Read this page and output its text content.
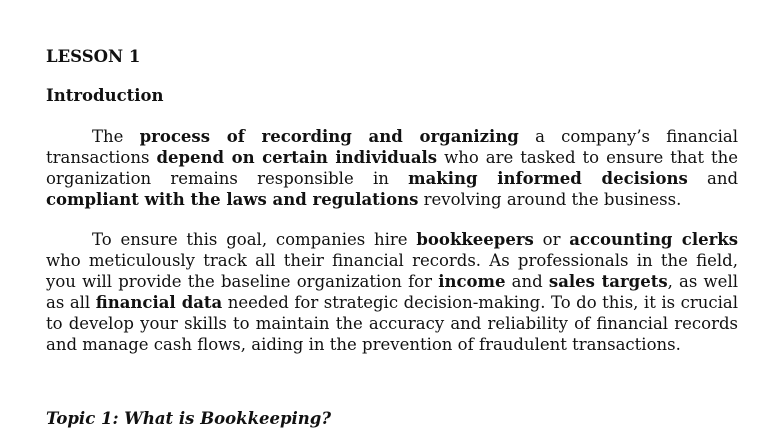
LESSON 1
Introduction

The process of recording and organizing a company’s financial transactions depend on certain individuals who are tasked to ensure that the organization remains responsible in making informed decisions and compliant with the laws and regulations revolving around the business.

To ensure this goal, companies hire bookkeepers or accounting clerks who meticulously track all their financial records. As professionals in the field, you will provide the baseline organization for income and sales targets, as well as all financial data needed for strategic decision-making. To do this, it is crucial to develop your skills to maintain the accuracy and reliability of financial records and manage cash flows, aiding in the prevention of fraudulent transactions.

Topic 1: What is Bookkeeping?
